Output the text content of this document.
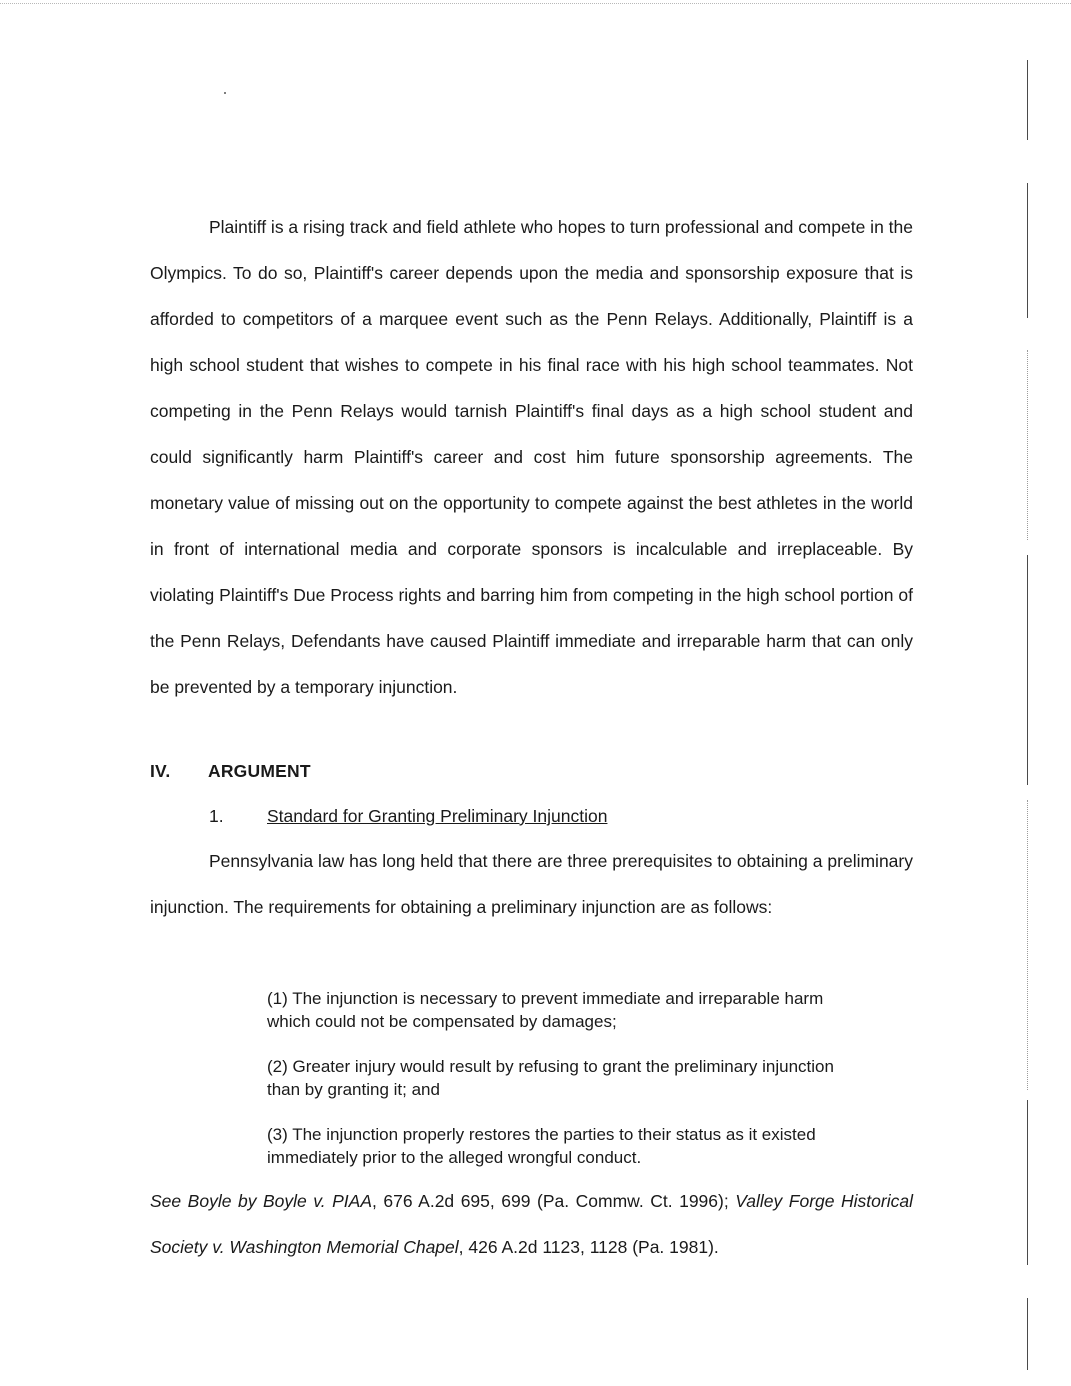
Plaintiff is a rising track and field athlete who hopes to turn professional and compete in the Olympics. To do so, Plaintiff's career depends upon the media and sponsorship exposure that is afforded to competitors of a marquee event such as the Penn Relays. Additionally, Plaintiff is a high school student that wishes to compete in his final race with his high school teammates. Not competing in the Penn Relays would tarnish Plaintiff's final days as a high school student and could significantly harm Plaintiff's career and cost him future sponsorship agreements. The monetary value of missing out on the opportunity to compete against the best athletes in the world in front of international media and corporate sponsors is incalculable and irreplaceable. By violating Plaintiff's Due Process rights and barring him from competing in the high school portion of the Penn Relays, Defendants have caused Plaintiff immediate and irreparable harm that can only be prevented by a temporary injunction.

IV. ARGUMENT
1. Standard for Granting Preliminary Injunction

Pennsylvania law has long held that there are three prerequisites to obtaining a preliminary injunction. The requirements for obtaining a preliminary injunction are as follows:

(1) The injunction is necessary to prevent immediate and irreparable harm which could not be compensated by damages;

(2) Greater injury would result by refusing to grant the preliminary injunction than by granting it; and

(3) The injunction properly restores the parties to their status as it existed immediately prior to the alleged wrongful conduct.

See Boyle by Boyle v. PIAA, 676 A.2d 695, 699 (Pa. Commw. Ct. 1996); Valley Forge Historical Society v. Washington Memorial Chapel, 426 A.2d 1123, 1128 (Pa. 1981).
